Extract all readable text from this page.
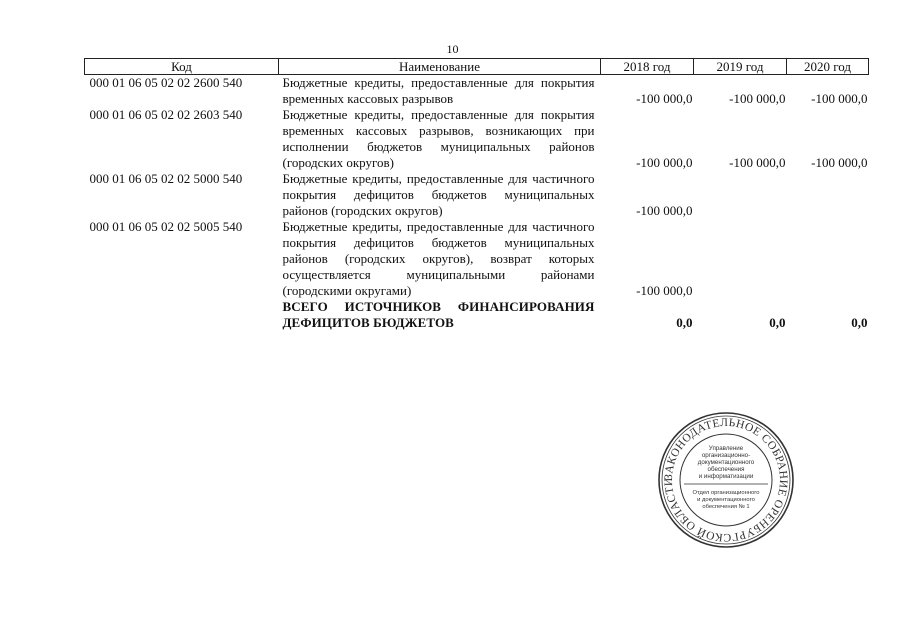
10
Код	Наименование	2018 год	2019 год	2020 год
000 01 06 05 02 02 2600 540	Бюджетные кредиты, предоставленные для покрытия временных кассовых разрывов	-100 000,0	-100 000,0	-100 000,0
000 01 06 05 02 02 2603 540	Бюджетные кредиты, предоставленные для покрытия временных кассовых разрывов, возникающих при исполнении бюджетов муниципальных районов (городских округов)	-100 000,0	-100 000,0	-100 000,0
000 01 06 05 02 02 5000 540	Бюджетные кредиты, предоставленные для частичного покрытия дефицитов бюджетов муниципальных районов (городских округов)	-100 000,0		
000 01 06 05 02 02 5005 540	Бюджетные кредиты, предоставленные для частичного покрытия дефицитов бюджетов муниципальных районов (городских округов), возврат которых осуществляется муниципальными районами (городскими округами)	-100 000,0		
	ВСЕГО ИСТОЧНИКОВ ФИНАНСИРОВАНИЯ ДЕФИЦИТОВ БЮДЖЕТОВ	0,0	0,0	0,0
ЗАКОНОДАТЕЛЬНОЕ СОБРАНИЕ ОРЕНБУРГСКОЙ ОБЛАСТИ
Управление
организационно-
документационного
обеспечения
и информатизации
Отдел организационного
и документационного
обеспечения № 1
